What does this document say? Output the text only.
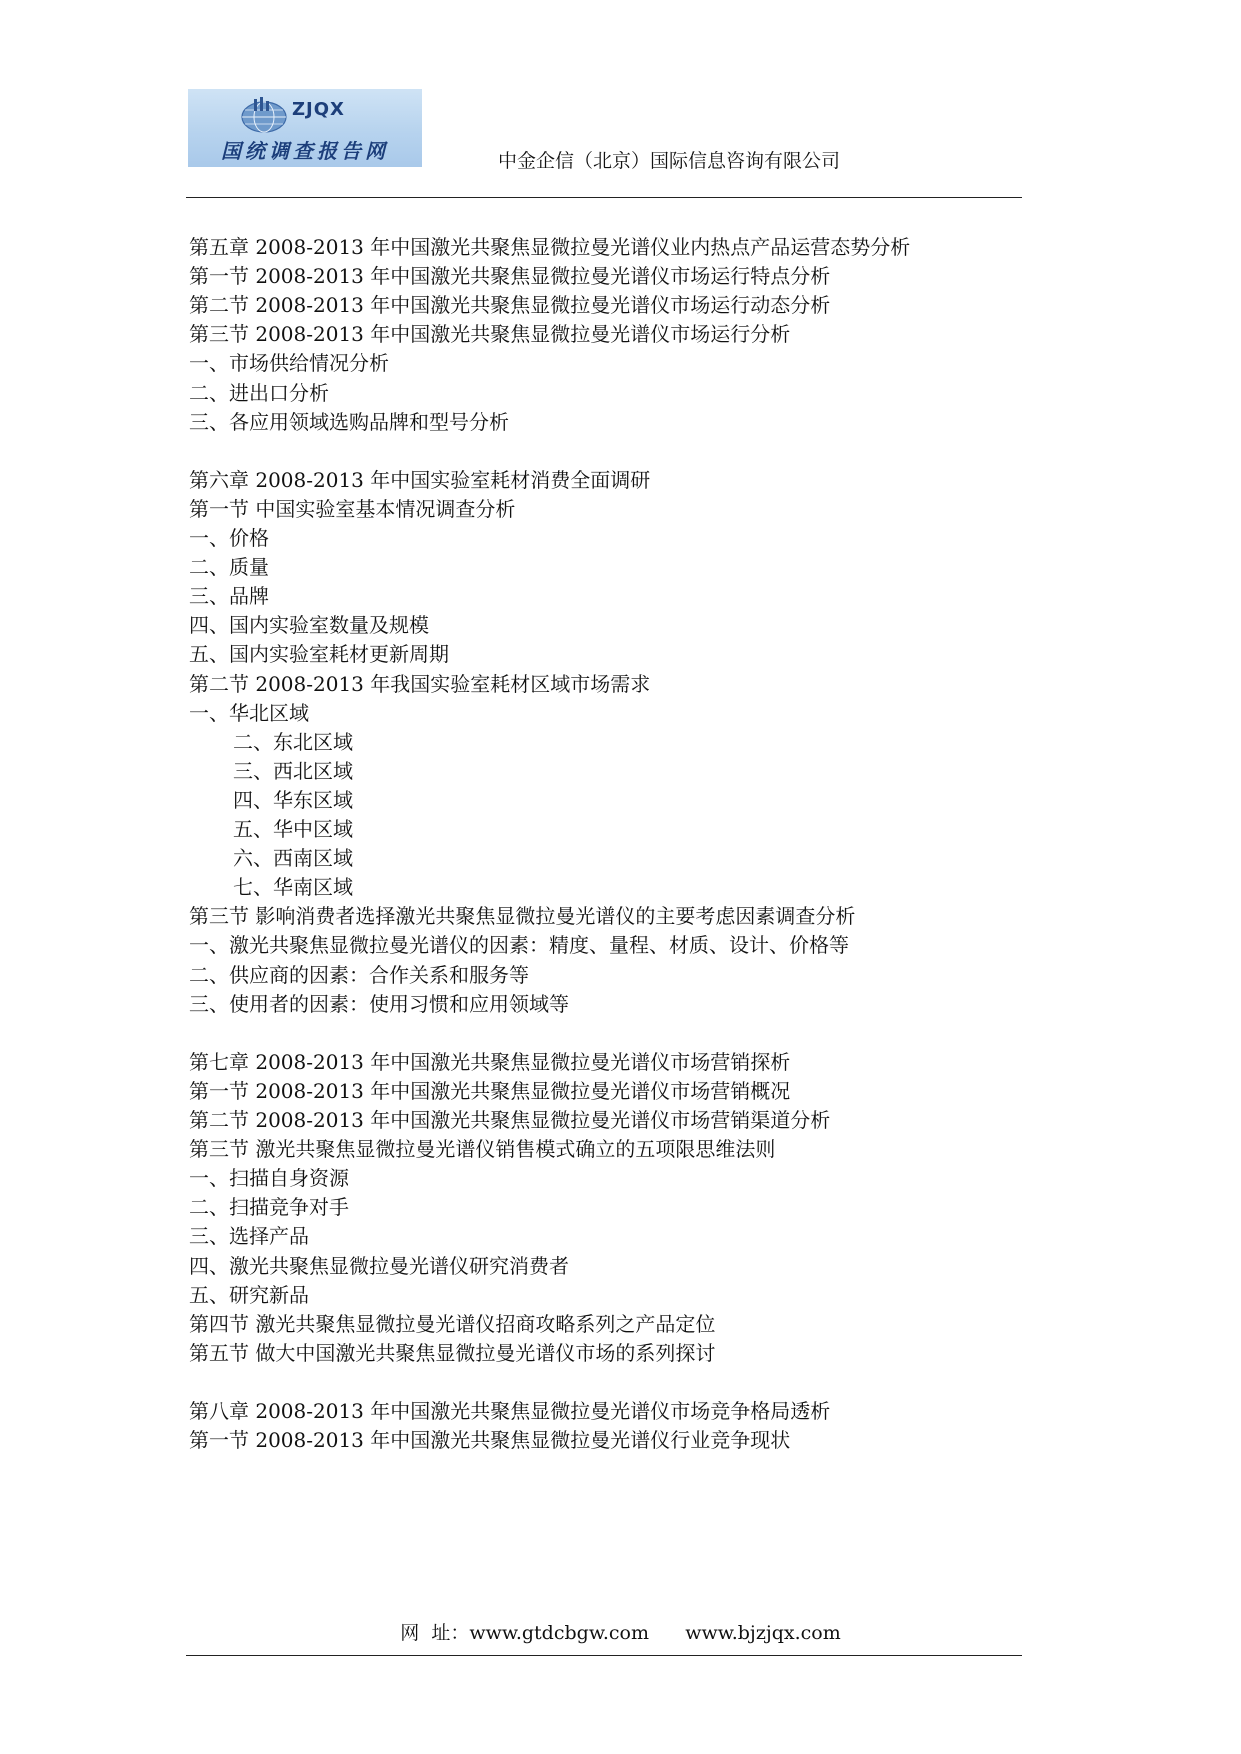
ZJQX
国统调查报告网	中金企信（北京）国际信息咨询有限公司
第五章 2008-2013 年中国激光共聚焦显微拉曼光谱仪业内热点产品运营态势分析
第一节 2008-2013 年中国激光共聚焦显微拉曼光谱仪市场运行特点分析
第二节 2008-2013 年中国激光共聚焦显微拉曼光谱仪市场运行动态分析
第三节 2008-2013 年中国激光共聚焦显微拉曼光谱仪市场运行分析
一、市场供给情况分析
二、进出口分析
三、各应用领域选购品牌和型号分析
第六章 2008-2013 年中国实验室耗材消费全面调研
第一节 中国实验室基本情况调查分析
一、价格
二、质量
三、品牌
四、国内实验室数量及规模
五、国内实验室耗材更新周期
第二节 2008-2013 年我国实验室耗材区域市场需求
一、华北区域
二、东北区域
三、西北区域
四、华东区域
五、华中区域
六、西南区域
七、华南区域
第三节 影响消费者选择激光共聚焦显微拉曼光谱仪的主要考虑因素调查分析
一、激光共聚焦显微拉曼光谱仪的因素：精度、量程、材质、设计、价格等
二、供应商的因素：合作关系和服务等
三、使用者的因素：使用习惯和应用领域等
第七章 2008-2013 年中国激光共聚焦显微拉曼光谱仪市场营销探析
第一节 2008-2013 年中国激光共聚焦显微拉曼光谱仪市场营销概况
第二节 2008-2013 年中国激光共聚焦显微拉曼光谱仪市场营销渠道分析
第三节 激光共聚焦显微拉曼光谱仪销售模式确立的五项限思维法则
一、扫描自身资源
二、扫描竞争对手
三、选择产品
四、激光共聚焦显微拉曼光谱仪研究消费者
五、研究新品
第四节 激光共聚焦显微拉曼光谱仪招商攻略系列之产品定位
第五节 做大中国激光共聚焦显微拉曼光谱仪市场的系列探讨
第八章 2008-2013 年中国激光共聚焦显微拉曼光谱仪市场竞争格局透析
第一节 2008-2013 年中国激光共聚焦显微拉曼光谱仪行业竞争现状
网  址：www.gtdcbgw.com      www.bjzjqx.com
